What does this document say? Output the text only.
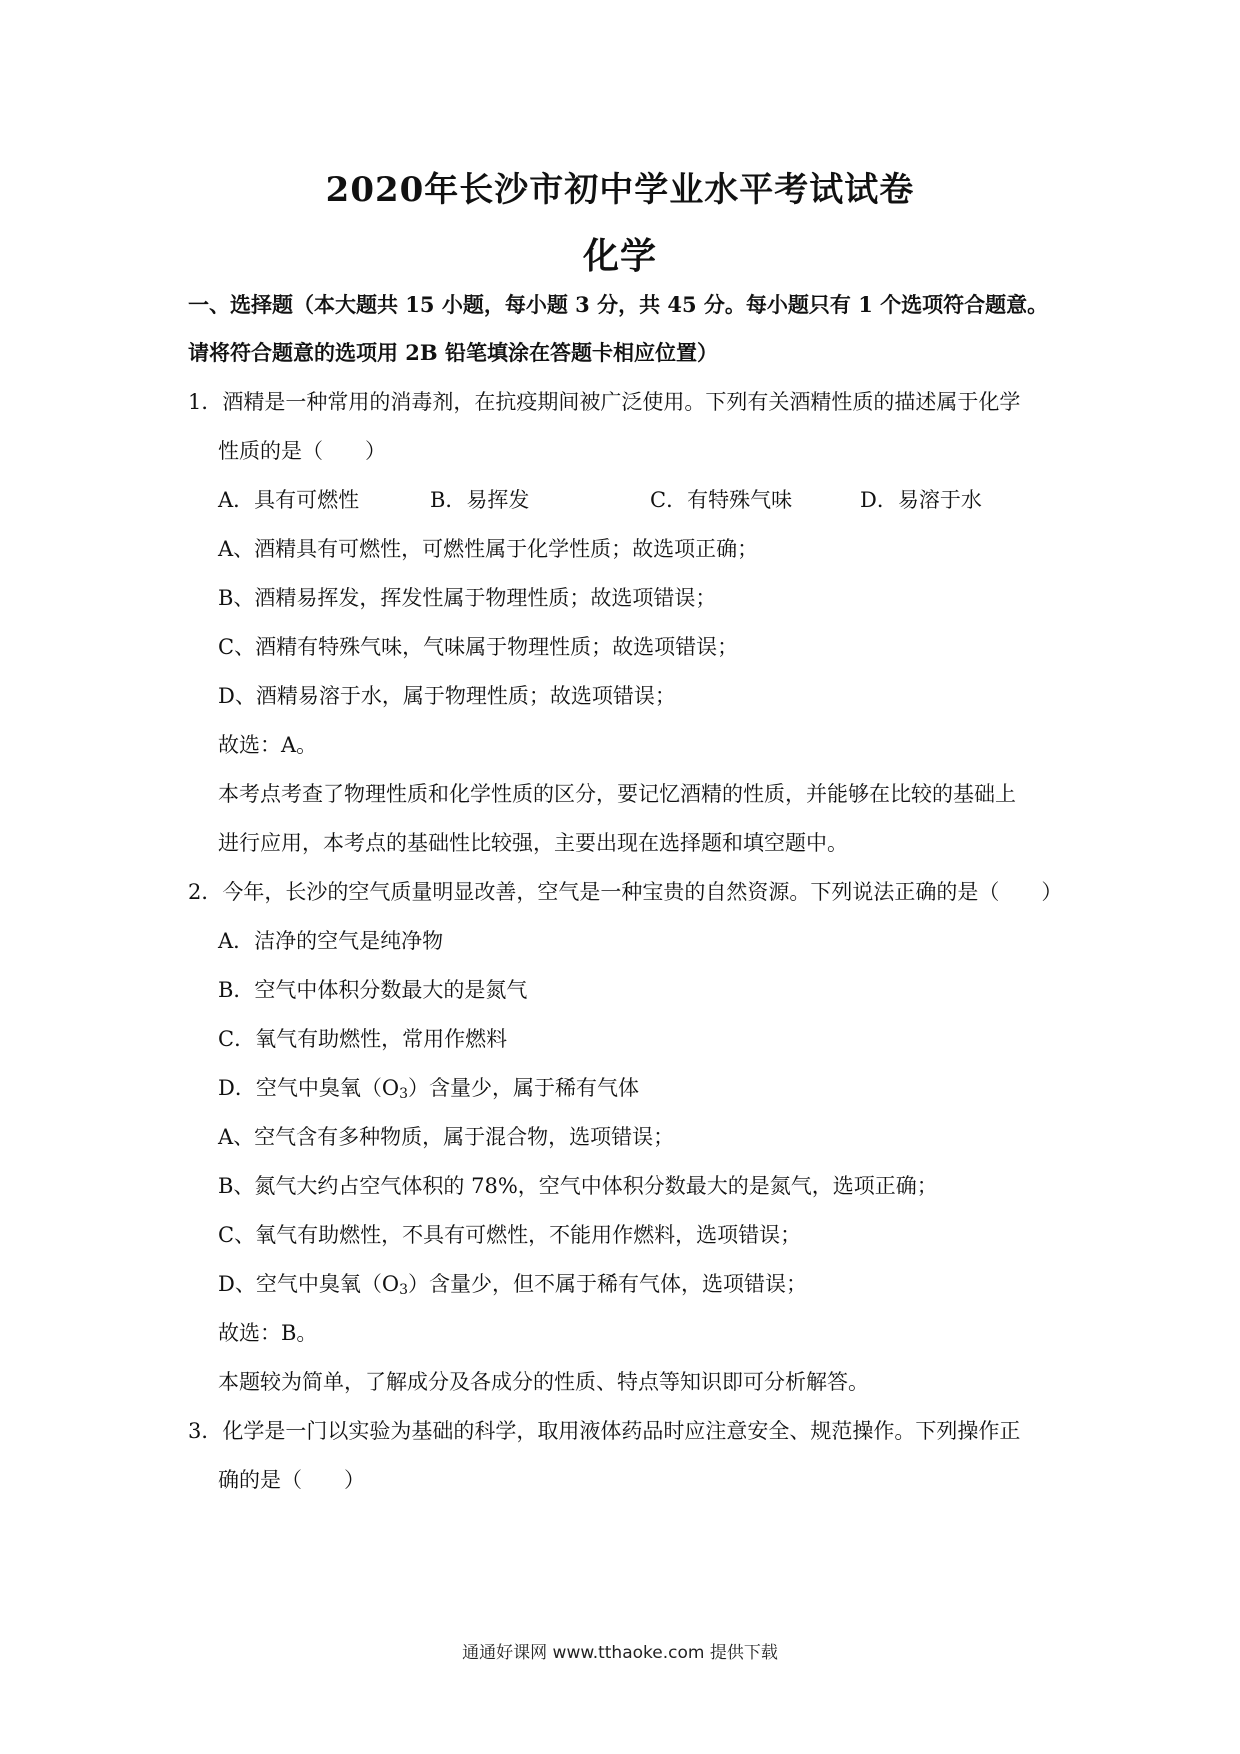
2020年长沙市初中学业水平考试试卷
化学
一、选择题（本大题共 15 小题，每小题 3 分，共 45 分。每小题只有 1 个选项符合题意。
请将符合题意的选项用 2B 铅笔填涂在答题卡相应位置）
1．酒精是一种常用的消毒剂，在抗疫期间被广泛使用。下列有关酒精性质的描述属于化学
性质的是（　　）
A．具有可燃性	B．易挥发	C．有特殊气味	D．易溶于水
A、酒精具有可燃性，可燃性属于化学性质；故选项正确；
B、酒精易挥发，挥发性属于物理性质；故选项错误；
C、酒精有特殊气味，气味属于物理性质；故选项错误；
D、酒精易溶于水，属于物理性质；故选项错误；
故选：A。
本考点考查了物理性质和化学性质的区分，要记忆酒精的性质，并能够在比较的基础上
进行应用，本考点的基础性比较强，主要出现在选择题和填空题中。
2．今年，长沙的空气质量明显改善，空气是一种宝贵的自然资源。下列说法正确的是（　　）
A．洁净的空气是纯净物
B．空气中体积分数最大的是氮气
C．氧气有助燃性，常用作燃料
D．空气中臭氧$(O_3)$含量少，属于稀有气体
A、空气含有多种物质，属于混合物，选项错误；
B、氮气大约占空气体积的 78%，空气中体积分数最大的是氮气，选项正确；
C、氧气有助燃性，不具有可燃性，不能用作燃料，选项错误；
D、空气中臭氧$(O_3)$含量少，但不属于稀有气体，选项错误；
故选：B。
本题较为简单，了解成分及各成分的性质、特点等知识即可分析解答。
3．化学是一门以实验为基础的科学，取用液体药品时应注意安全、规范操作。下列操作正
确的是（　　）
通通好课网 www.tthaoke.com 提供下载
